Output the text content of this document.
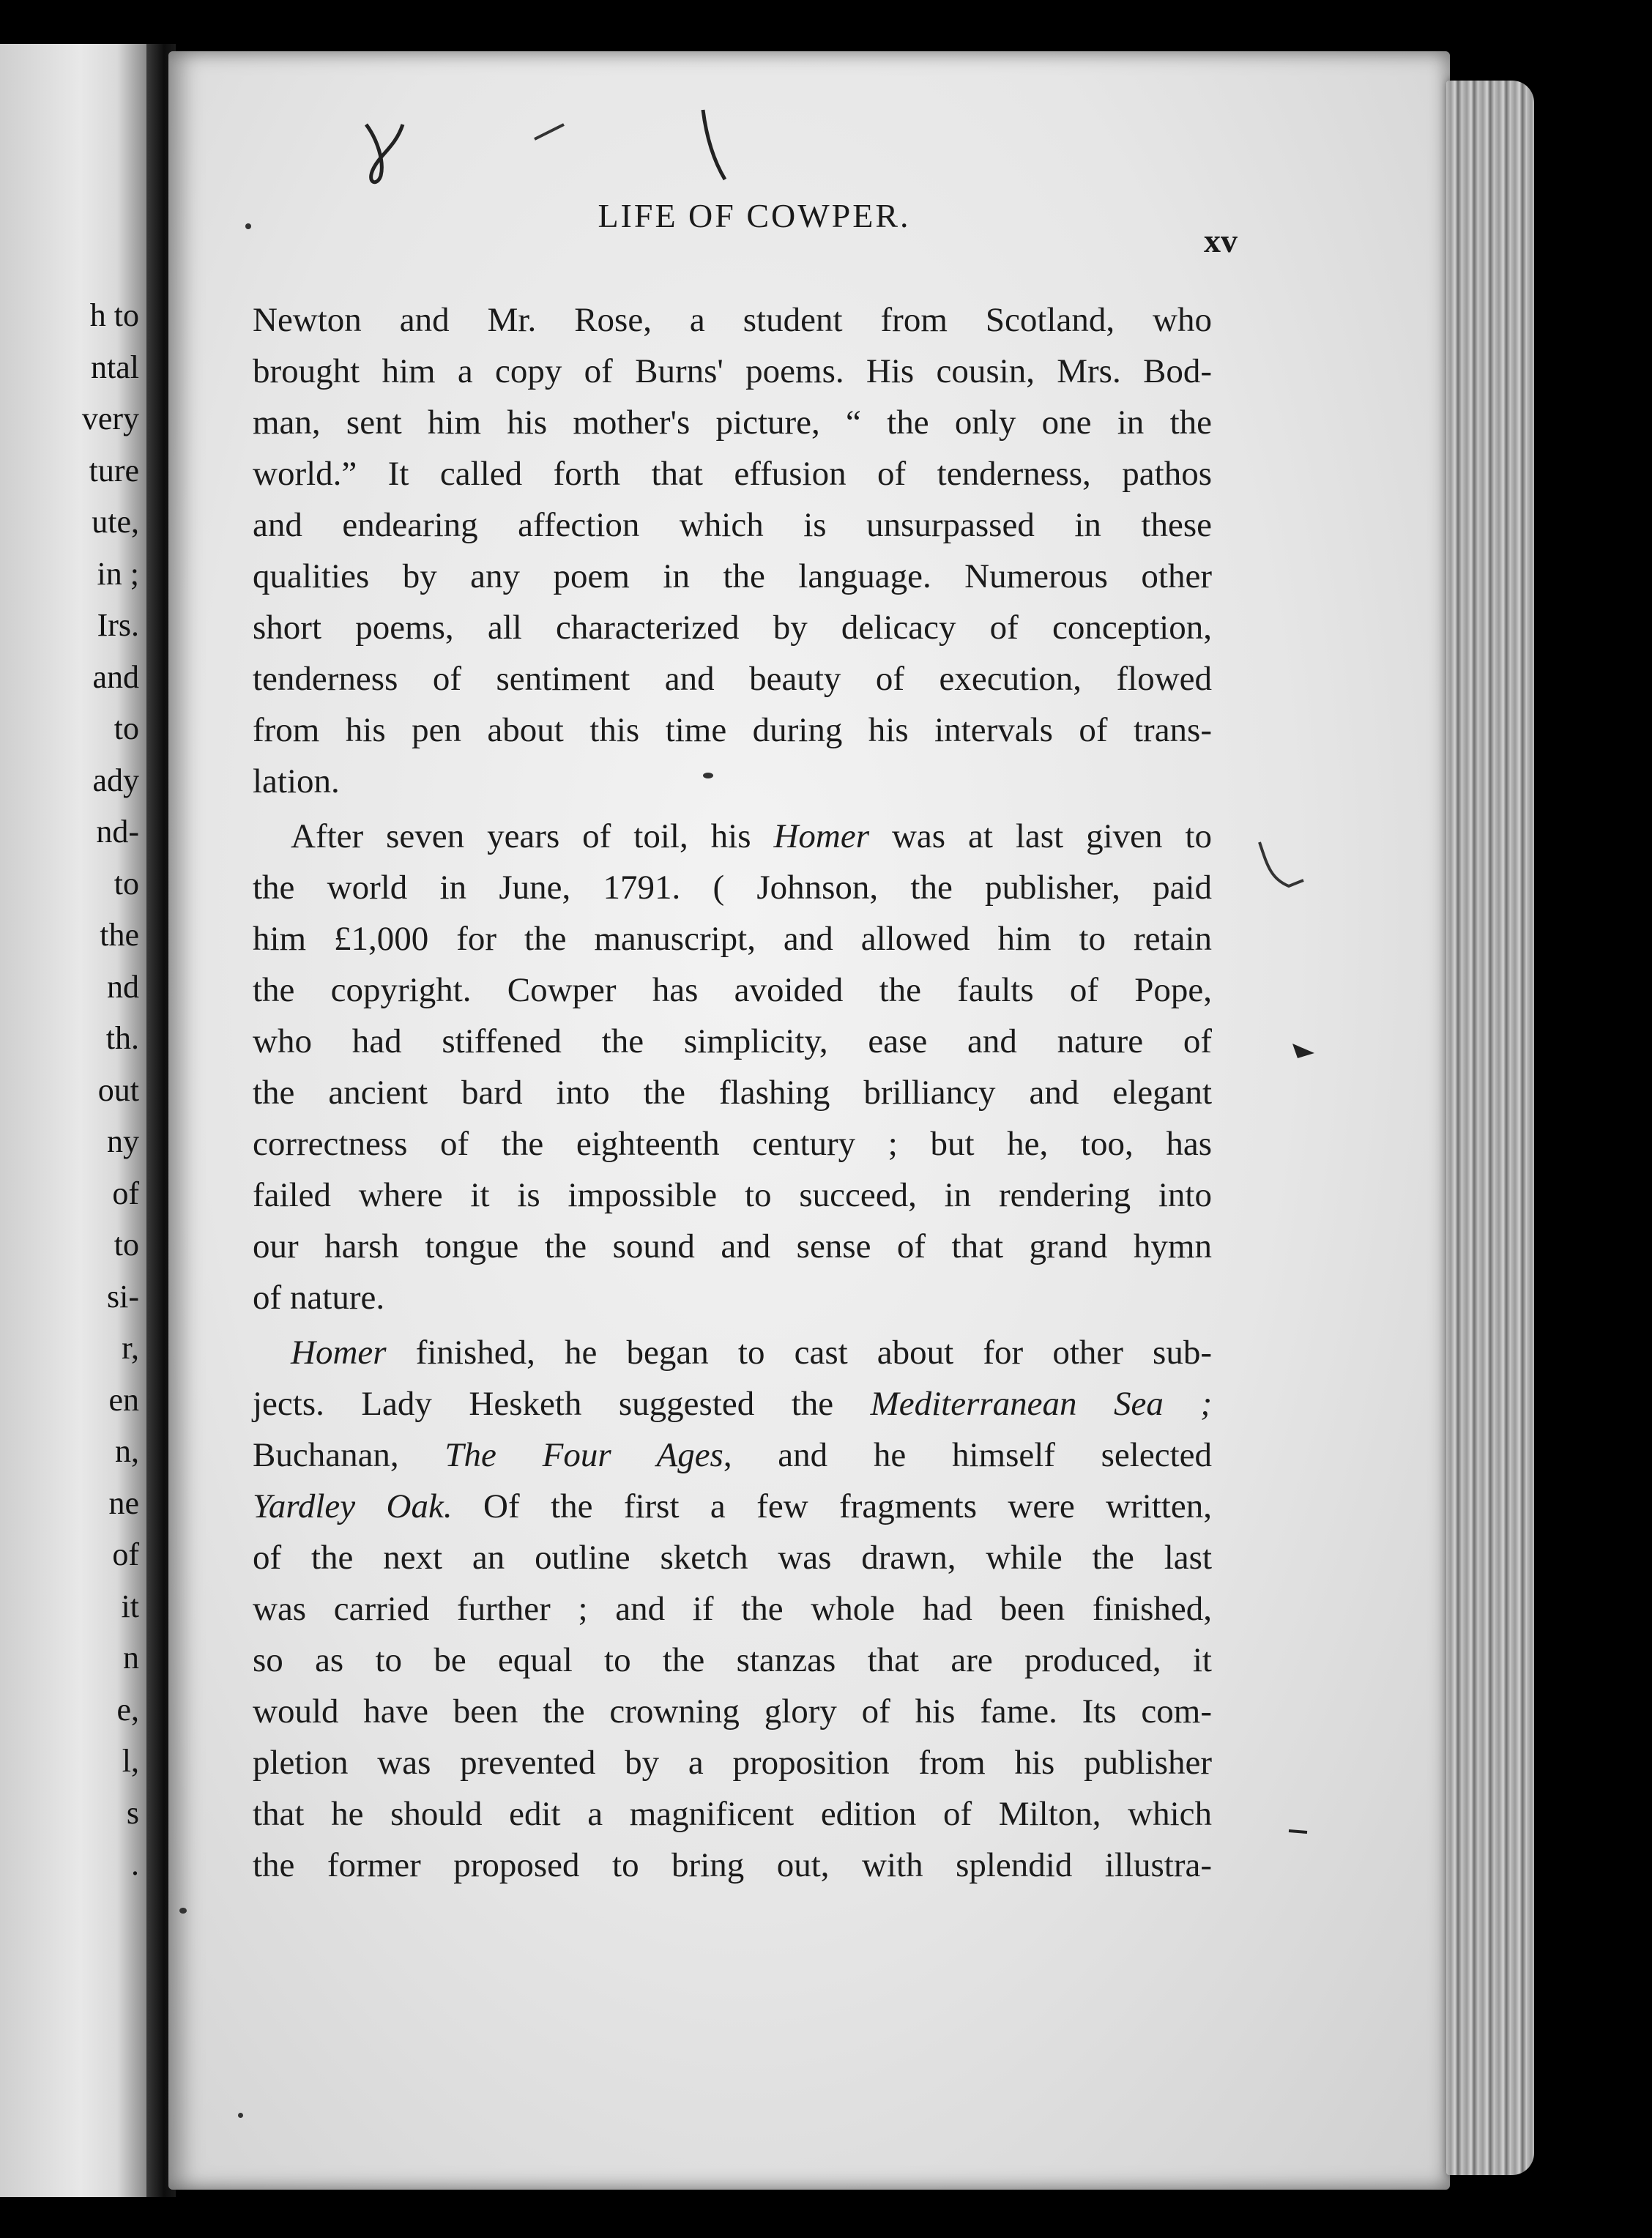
h to
ntal
very
ture
ute,
in ;
Irs.
and
to
ady
nd-
to
the
nd
th.
out
ny
of
to
si-
r,
en
n,
ne
of
it
n
e,
l,
s
.
LIFE OF COWPER.
xv
Newton and Mr. Rose, a student from Scotland, who
brought him a copy of Burns' poems. His cousin, Mrs. Bod-
man, sent him his mother's picture, “ the only one in the
world.” It called forth that effusion of tenderness, pathos
and endearing affection which is unsurpassed in these
qualities by any poem in the language. Numerous other
short poems, all characterized by delicacy of conception,
tenderness of sentiment and beauty of execution, flowed
from his pen about this time during his intervals of trans-
lation.
After seven years of toil, his Homer was at last given to
the world in June, 1791. ( Johnson, the publisher, paid
him £1,000 for the manuscript, and allowed him to retain
the copyright. Cowper has avoided the faults of Pope,
who had stiffened the simplicity, ease and nature of
the ancient bard into the flashing brilliancy and elegant
correctness of the eighteenth century ; but he, too, has
failed where it is impossible to succeed, in rendering into
our harsh tongue the sound and sense of that grand hymn
of nature.
Homer finished, he began to cast about for other sub-
jects. Lady Hesketh suggested the Mediterranean Sea ;
Buchanan, The Four Ages, and he himself selected
Yardley Oak. Of the first a few fragments were written,
of the next an outline sketch was drawn, while the last
was carried further ; and if the whole had been finished,
so as to be equal to the stanzas that are produced, it
would have been the crowning glory of his fame. Its com-
pletion was prevented by a proposition from his publisher
that he should edit a magnificent edition of Milton, which
the former proposed to bring out, with splendid illustra-
